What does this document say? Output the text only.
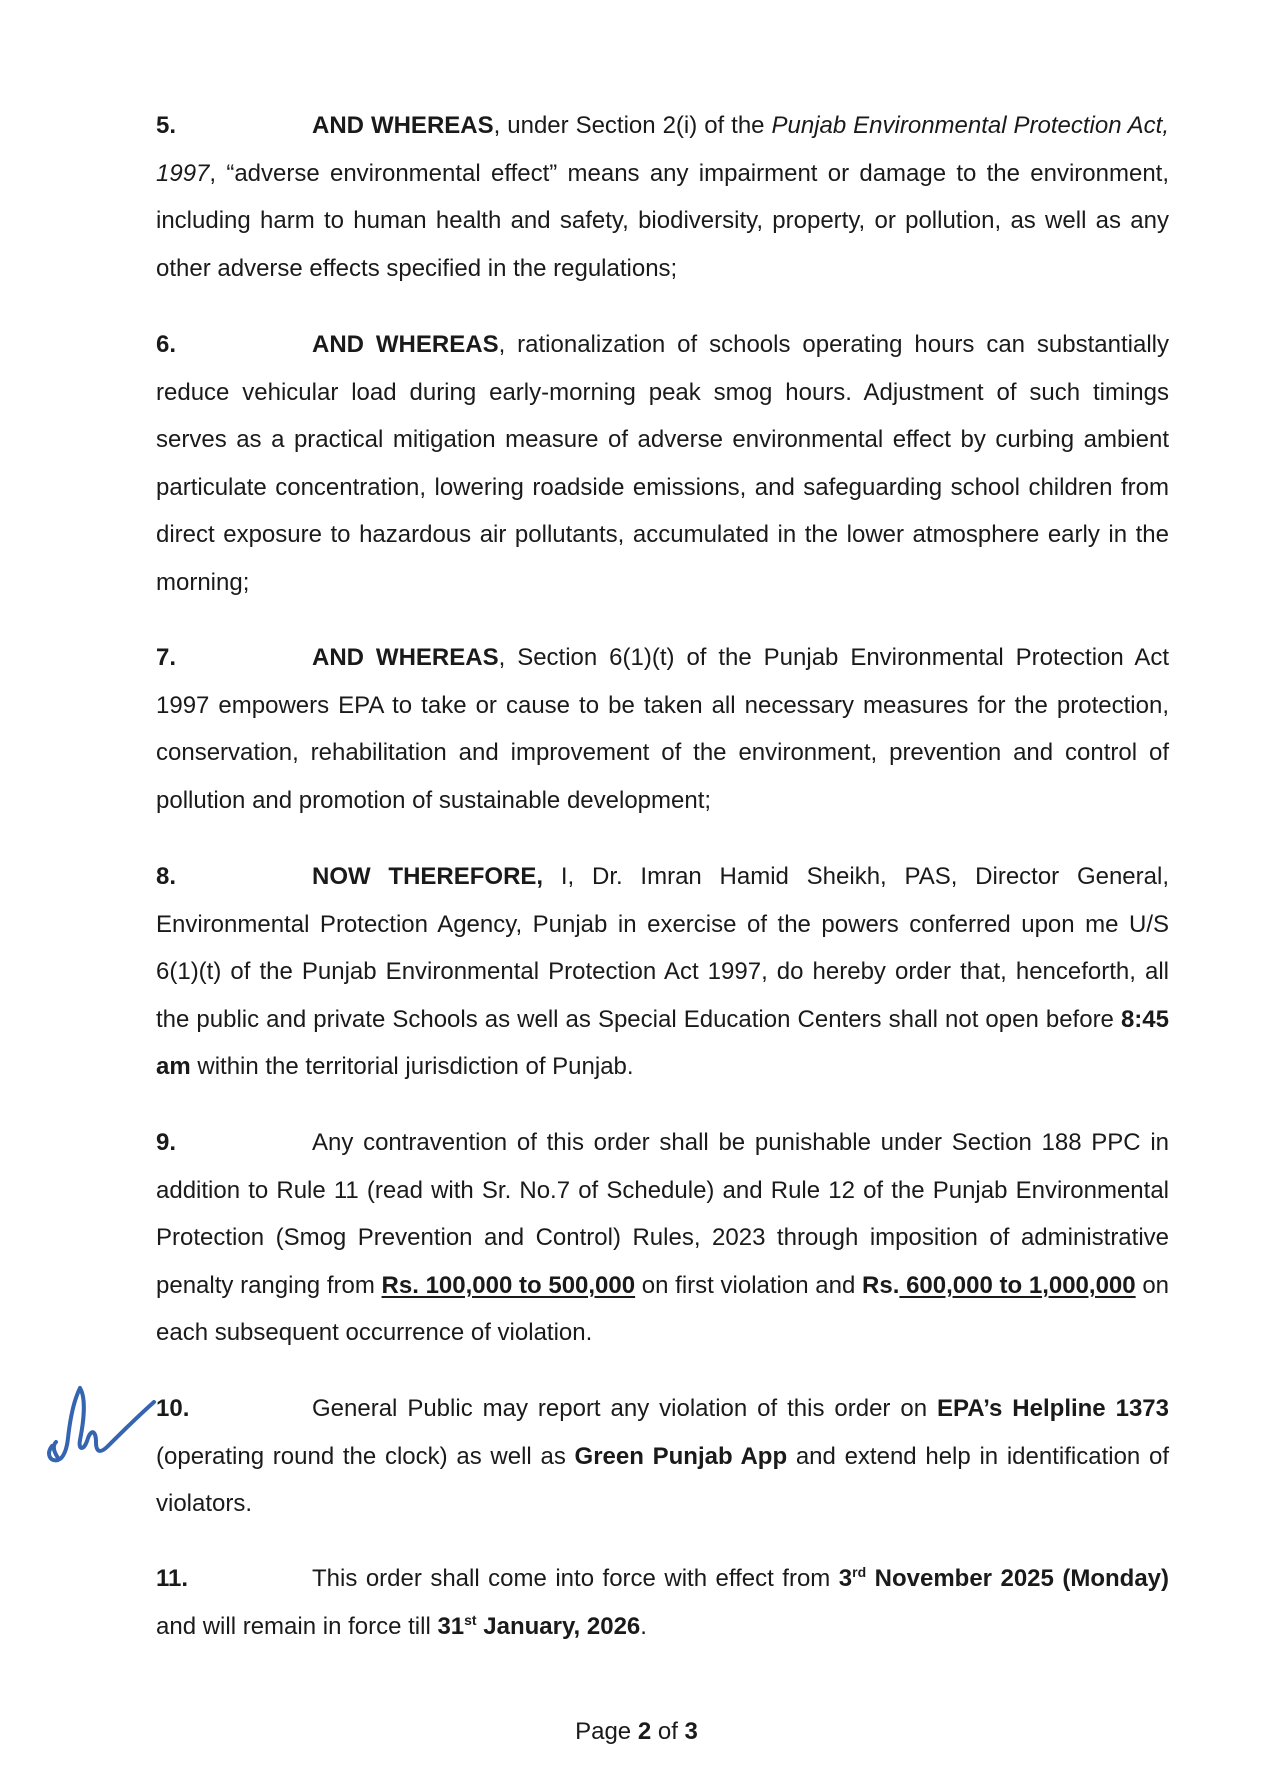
5.	AND WHEREAS, under Section 2(i) of the Punjab Environmental Protection Act, 1997, “adverse environmental effect” means any impairment or damage to the environment, including harm to human health and safety, biodiversity, property, or pollution, as well as any other adverse effects specified in the regulations;
6.	AND WHEREAS, rationalization of schools operating hours can substantially reduce vehicular load during early-morning peak smog hours. Adjustment of such timings serves as a practical mitigation measure of adverse environmental effect by curbing ambient particulate concentration, lowering roadside emissions, and safeguarding school children from direct exposure to hazardous air pollutants, accumulated in the lower atmosphere early in the morning;
7.	AND WHEREAS, Section 6(1)(t) of the Punjab Environmental Protection Act 1997 empowers EPA to take or cause to be taken all necessary measures for the protection, conservation, rehabilitation and improvement of the environment, prevention and control of pollution and promotion of sustainable development;
8.	NOW THEREFORE, I, Dr. Imran Hamid Sheikh, PAS, Director General, Environmental Protection Agency, Punjab in exercise of the powers conferred upon me U/S 6(1)(t) of the Punjab Environmental Protection Act 1997, do hereby order that, henceforth, all the public and private Schools as well as Special Education Centers shall not open before 8:45 am within the territorial jurisdiction of Punjab.
9.	Any contravention of this order shall be punishable under Section 188 PPC in addition to Rule 11 (read with Sr. No.7 of Schedule) and Rule 12 of the Punjab Environmental Protection (Smog Prevention and Control) Rules, 2023 through imposition of administrative penalty ranging from Rs. 100,000 to 500,000 on first violation and Rs. 600,000 to 1,000,000 on each subsequent occurrence of violation.
10.	General Public may report any violation of this order on EPA’s Helpline 1373 (operating round the clock) as well as Green Punjab App and extend help in identification of violators.
11.	This order shall come into force with effect from 3rd November 2025 (Monday) and will remain in force till 31st January, 2026.
Page 2 of 3
